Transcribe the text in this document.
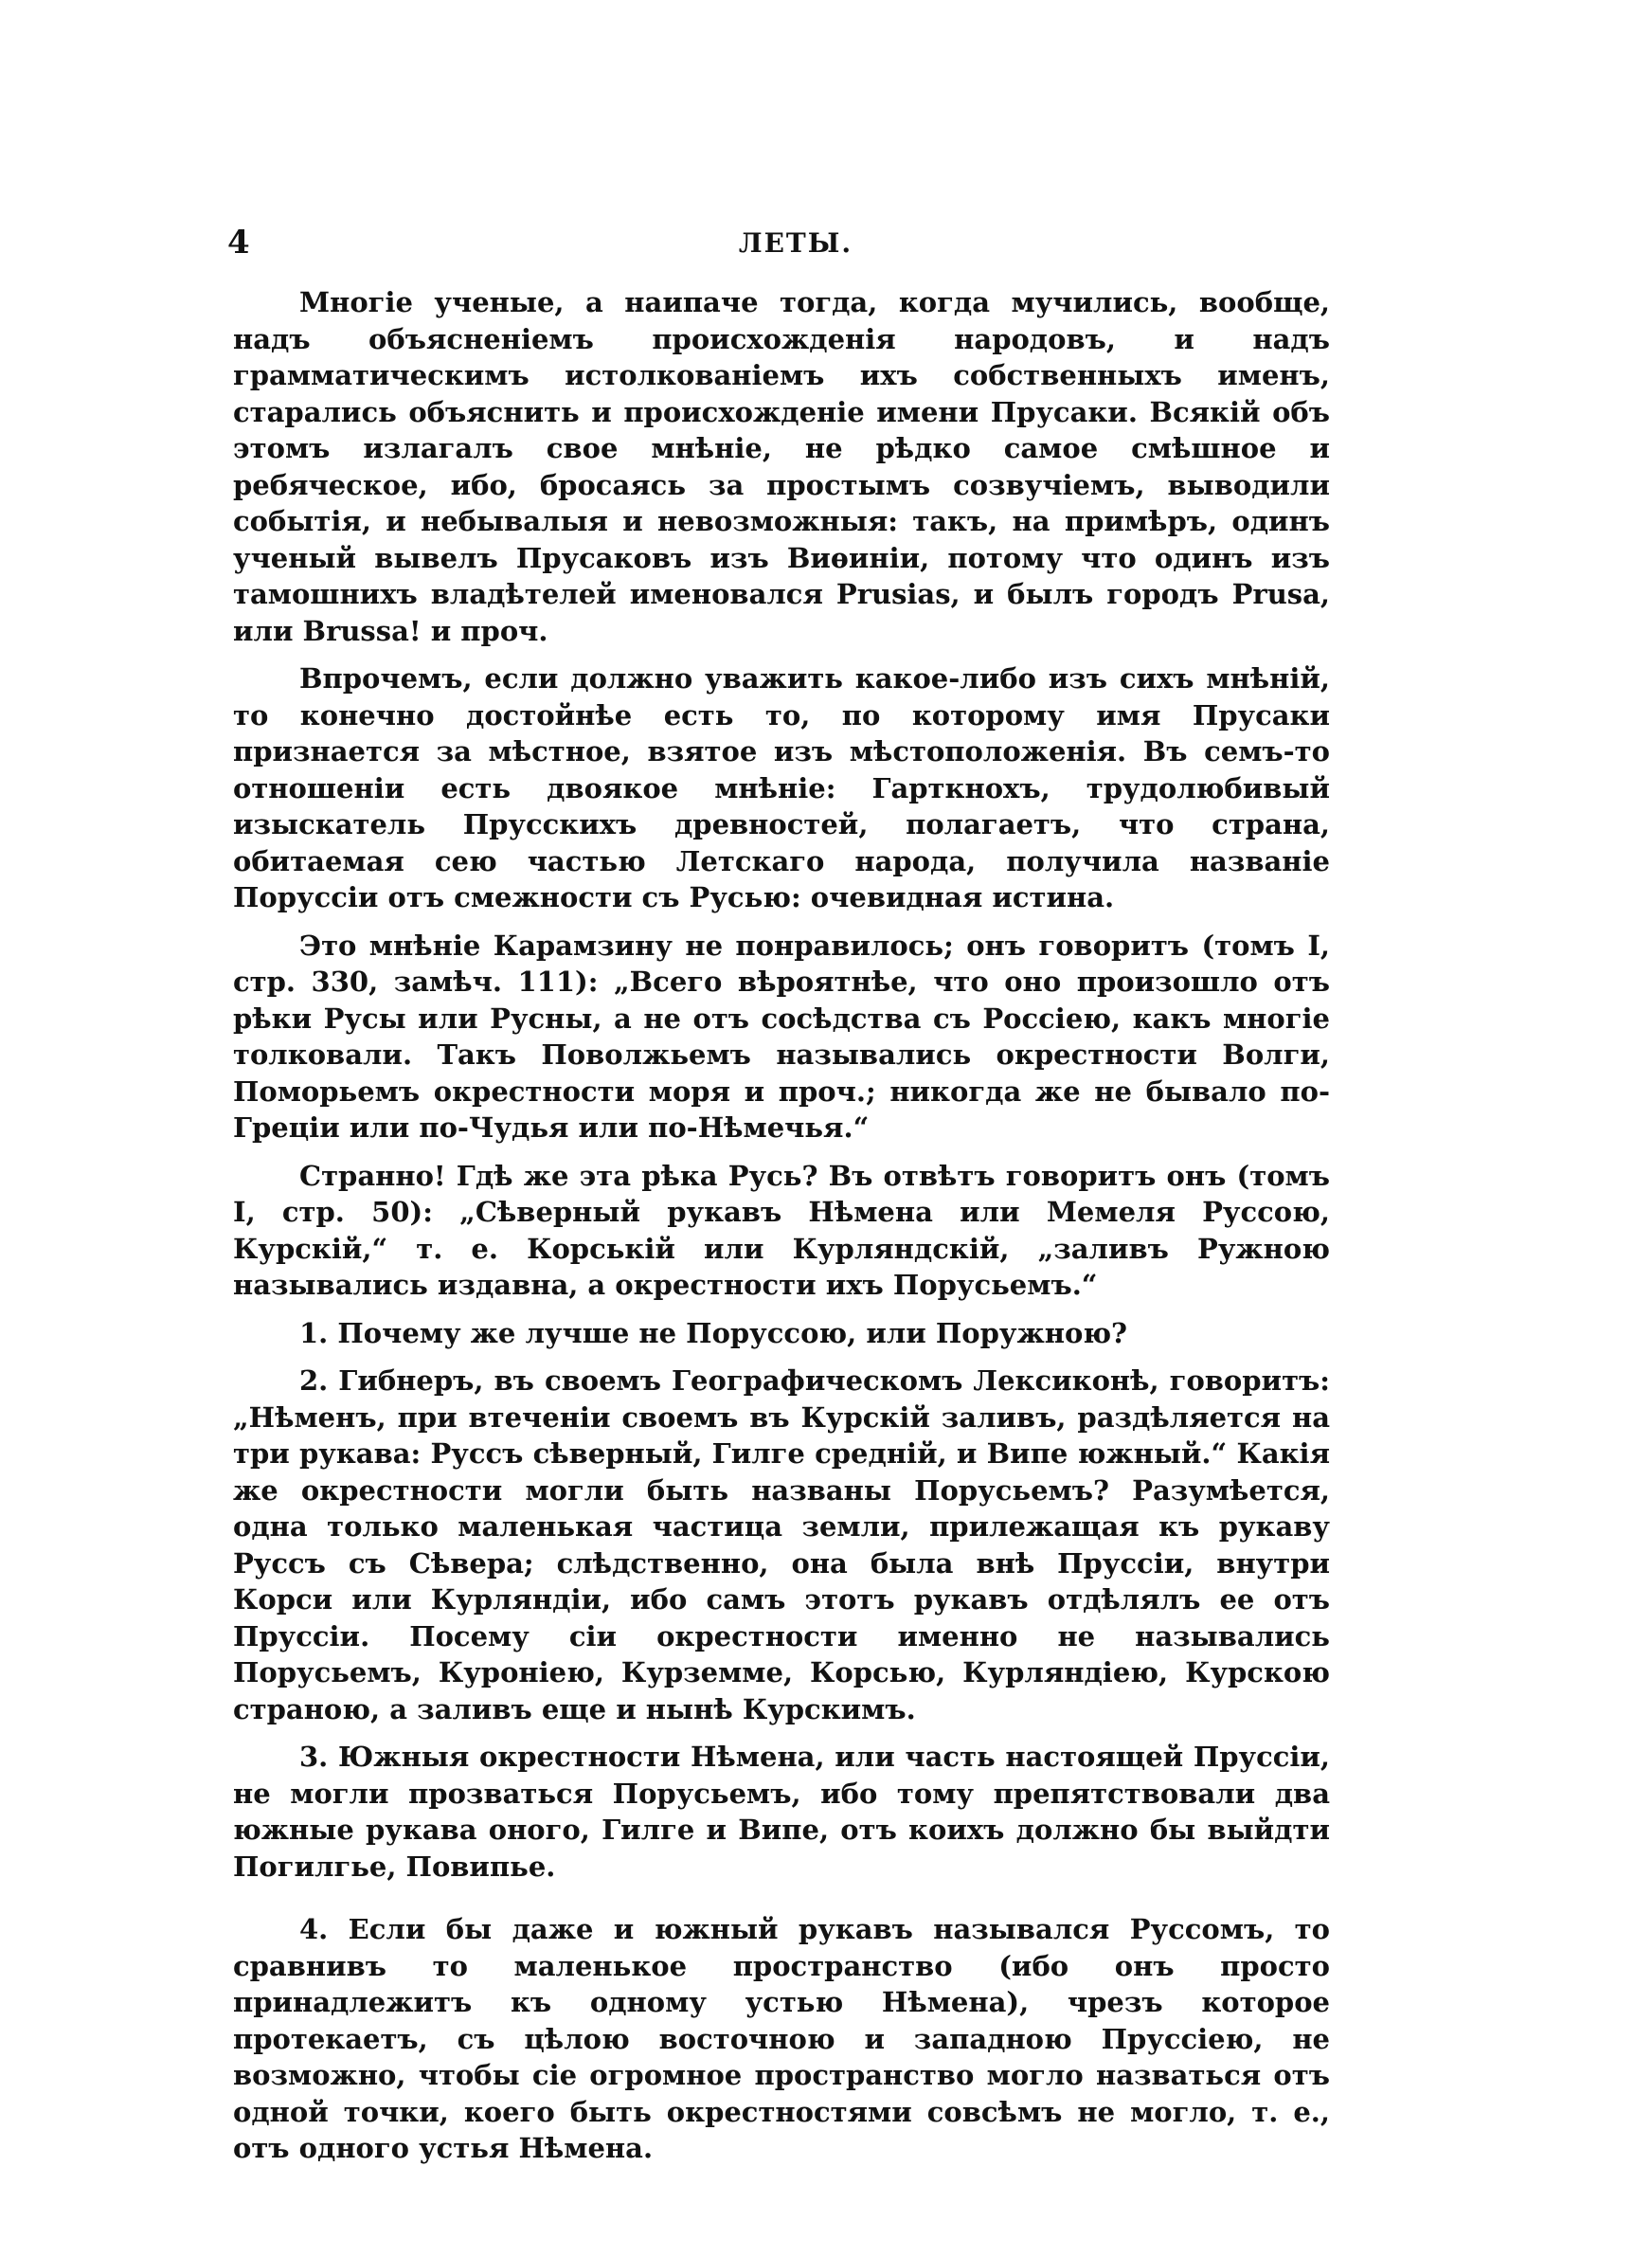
4	ЛЕТЫ.

Многіе ученые, а наипаче тогда, когда мучились, вообще, надъ объясненіемъ происхожденія народовъ, и надъ грамматическимъ истолкованіемъ ихъ собственныхъ именъ, старались объяснить и происхожденіе имени Прусаки. Всякій объ этомъ излагалъ свое мнѣніе, не рѣдко самое смѣшное и ребяческое, ибо, бросаясь за простымъ созвучіемъ, выводили событія, и небывалыя и невозможныя: такъ, на примѣръ, одинъ ученый вывелъ Прусаковъ изъ Виѳиніи, потому что одинъ изъ тамошнихъ владѣтелей именовался Prusias, и былъ городъ Prusa, или Brussa! и проч.

Впрочемъ, если должно уважить какое-либо изъ сихъ мнѣній, то конечно достойнѣе есть то, по которому имя Прусаки признается за мѣстное, взятое изъ мѣстоположенія. Въ семъ-то отношеніи есть двоякое мнѣніе: Гарткнохъ, трудолюбивый изыскатель Прусскихъ древностей, полагаетъ, что страна, обитаемая сею частью Летскаго народа, получила названіе Поруссіи отъ смежности съ Русью: очевидная истина.

Это мнѣніе Карамзину не понравилось; онъ говоритъ (томъ I, стр. 330, замѣч. 111): „Всего вѣроятнѣе, что оно произошло отъ рѣки Русы или Русны, а не отъ сосѣдства съ Россіею, какъ многіе толковали. Такъ Поволжьемъ назывались окрестности Волги, Поморьемъ окрестности моря и проч.; никогда же не бывало по-Греціи или по-Чудья или по-Нѣмечья.“

Странно! Гдѣ же эта рѣка Русь? Въ отвѣтъ говоритъ онъ (томъ I, стр. 50): „Сѣверный рукавъ Нѣмена или Мемеля Руссою, Курскій,“ т. е. Корській или Курляндскій, „заливъ Ружною назывались издавна, а окрестности ихъ Порусьемъ.“

1. Почему же лучше не Поруссою, или Поружною?

2. Гибнеръ, въ своемъ Географическомъ Лексиконѣ, говоритъ: „Нѣменъ, при втеченіи своемъ въ Курскій заливъ, раздѣляется на три рукава: Руссъ сѣверный, Гилге средній, и Випе южный.“ Какія же окрестности могли быть названы Порусьемъ? Разумѣется, одна только маленькая частица земли, прилежащая къ рукаву Руссъ съ Сѣвера; слѣдственно, она была внѣ Пруссіи, внутри Корси или Курляндіи, ибо самъ этотъ рукавъ отдѣлялъ ее отъ Пруссіи. Посему сіи окрестности именно не назывались Порусьемъ, Куроніею, Курземме, Корсью, Курляндіею, Курскою страною, а заливъ еще и нынѣ Курскимъ.

3. Южныя окрестности Нѣмена, или часть настоящей Пруссіи, не могли прозваться Порусьемъ, ибо тому препятствовали два южные рукава оного, Гилге и Випе, отъ коихъ должно бы выйдти Погилгье, Повипье.

4. Если бы даже и южный рукавъ назывался Руссомъ, то сравнивъ то маленькое пространство (ибо онъ просто принадлежитъ къ одному устью Нѣмена), чрезъ которое протекаетъ, съ цѣлою восточною и западною Пруссіею, не возможно, чтобы сіе огромное пространство могло назваться отъ одной точки, коего быть окрестностями совсѣмъ не могло, т. е., отъ одного устья Нѣмена.
